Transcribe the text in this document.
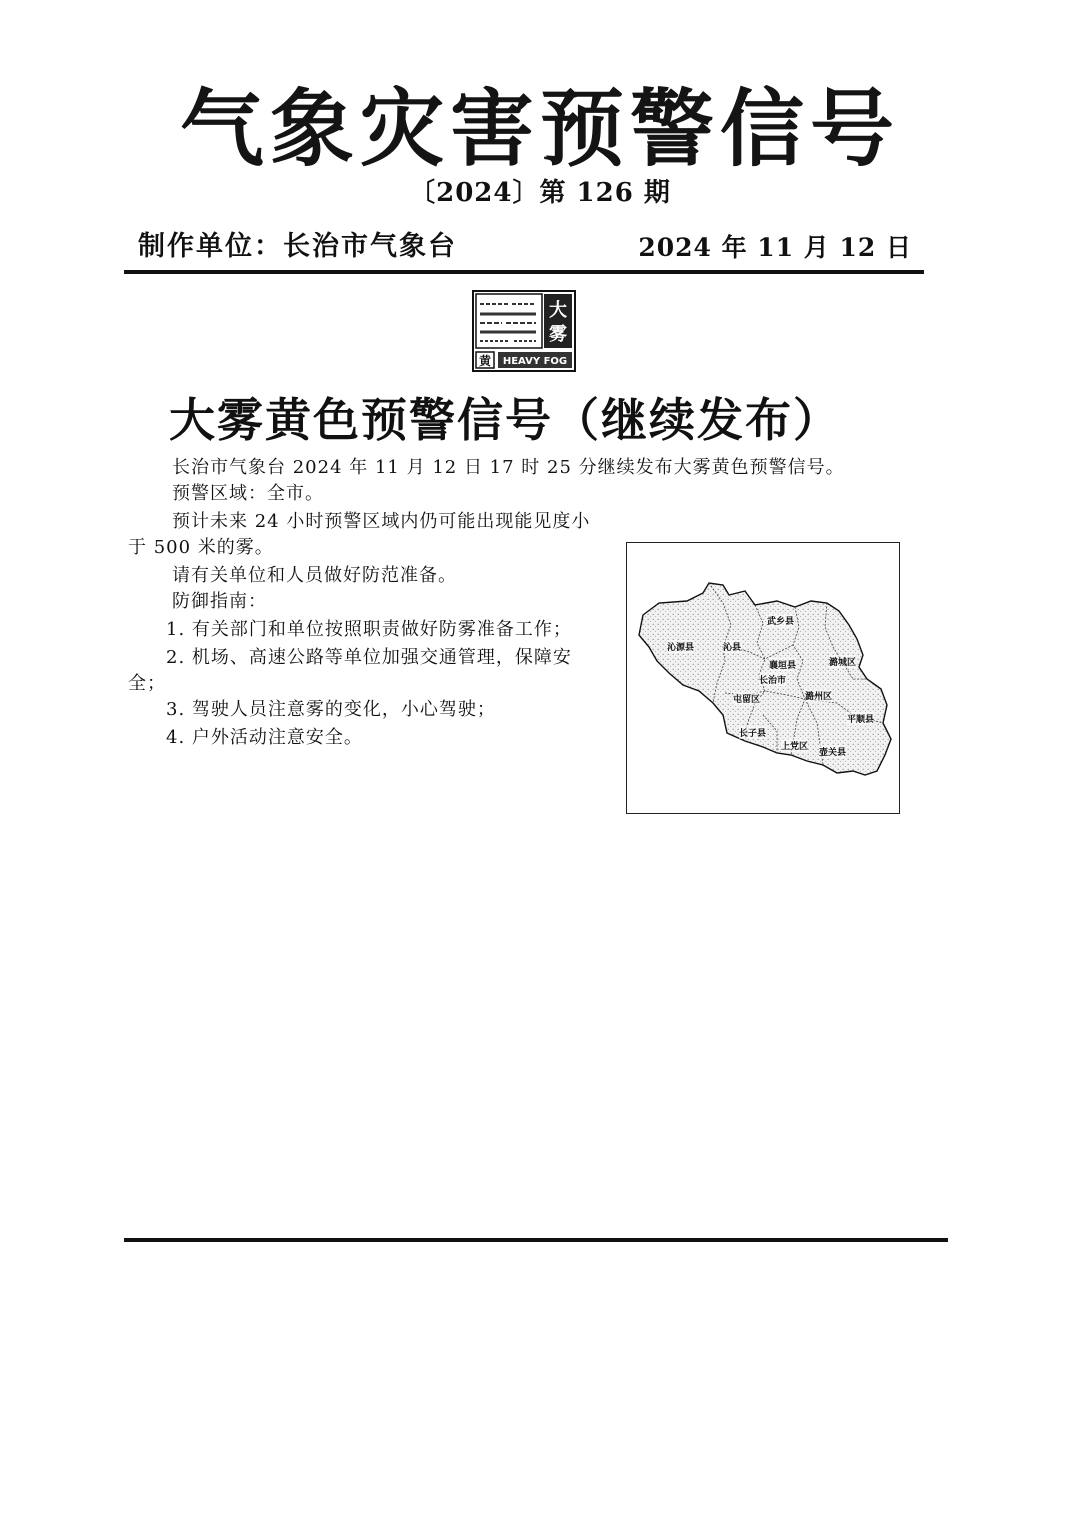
气象灾害预警信号
〔2024〕第 126 期
制作单位：长治市气象台	2024 年 11 月 12 日
大
雾
黄 HEAVY FOG
大雾黄色预警信号（继续发布）
长治市气象台 2024 年 11 月 12 日 17 时 25 分继续发布大雾黄色预警信号。
预警区域：全市。
预计未来 24 小时预警区域内仍可能出现能见度小
于 500 米的雾。
请有关单位和人员做好防范准备。
防御指南：
1. 有关部门和单位按照职责做好防雾准备工作；
2. 机场、高速公路等单位加强交通管理，保障安
全；
3. 驾驶人员注意雾的变化，小心驾驶；
4. 户外活动注意安全。
沁源县	沁县
武乡县
襄垣县	潞城区
长治市
屯留区	潞州区
平顺县
长子县
上党区
壶关县
